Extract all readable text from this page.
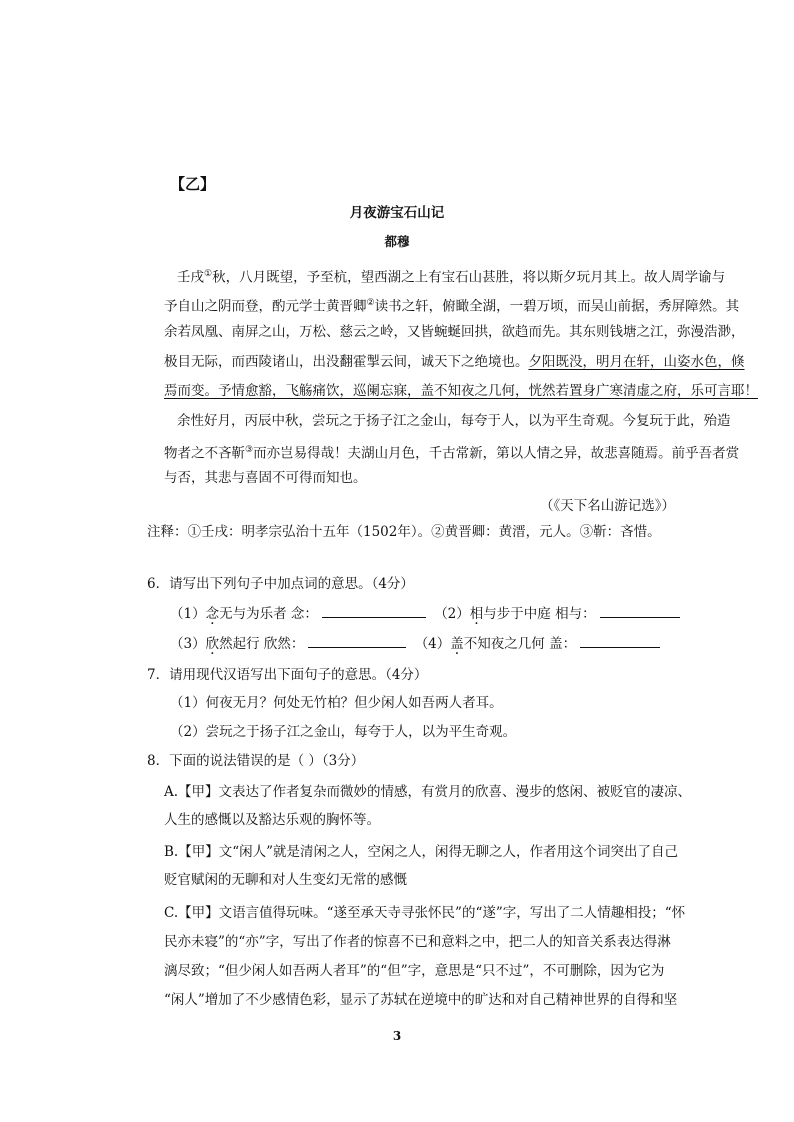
【乙】
月夜游宝石山记
都穆
壬戌①秋，八月既望，予至杭，望西湖之上有宝石山甚胜，将以斯夕玩月其上。故人周学谕与
予自山之阴而登，酌元学士黄晋卿②读书之轩，俯瞰全湖，一碧万顷，而吴山前据，秀屏障然。其
余若凤凰、南屏之山，万松、慈云之岭，又皆蜿蜒回拱，欲趋而先。其东则钱塘之江，弥漫浩渺，
极目无际，而西陵诸山，出没翻霍掣云间，诚天下之绝境也。夕阳既没，明月在轩，山姿水色，倏
焉而变。予情愈豁，飞觞痛饮，巡阑忘寐，盖不知夜之几何，恍然若置身广寒清虚之府，乐可言耶！
余性好月，丙辰中秋，尝玩之于扬子江之金山，每夸于人，以为平生奇观。今复玩于此，殆造
物者之不吝靳③而亦岂易得哉！夫湖山月色，千古常新，第以人情之异，故悲喜随焉。前乎吾者赏
与否，其悲与喜固不可得而知也。
（《天下名山游记选》）
注释：①壬戌：明孝宗弘治十五年（1502年）。②黄晋卿：黄溍，元人。③靳：吝惜。
6．请写出下列句子中加点词的意思。（4分）
（1）念无与为乐者 念：	（2）相与步于中庭 相与：
（3）欣然起行 欣然：	（4）盖不知夜之几何 盖：
7．请用现代汉语写出下面句子的意思。（4分）
（1）何夜无月？何处无竹柏？但少闲人如吾两人者耳。
（2）尝玩之于扬子江之金山，每夸于人，以为平生奇观。
8．下面的说法错误的是（ ）（3分）
A.【甲】文表达了作者复杂而微妙的情感，有赏月的欣喜、漫步的悠闲、被贬官的凄凉、
人生的感慨以及豁达乐观的胸怀等。
B.【甲】文“闲人”就是清闲之人，空闲之人，闲得无聊之人，作者用这个词突出了自己
贬官赋闲的无聊和对人生变幻无常的感慨
C.【甲】文语言值得玩味。“遂至承天寺寻张怀民”的“遂”字，写出了二人情趣相投；“怀
民亦未寝”的“亦”字，写出了作者的惊喜不已和意料之中，把二人的知音关系表达得淋
漓尽致；“但少闲人如吾两人者耳”的“但”字，意思是“只不过”，不可删除，因为它为
“闲人”增加了不少感情色彩，显示了苏轼在逆境中的旷达和对自己精神世界的自得和坚
3
